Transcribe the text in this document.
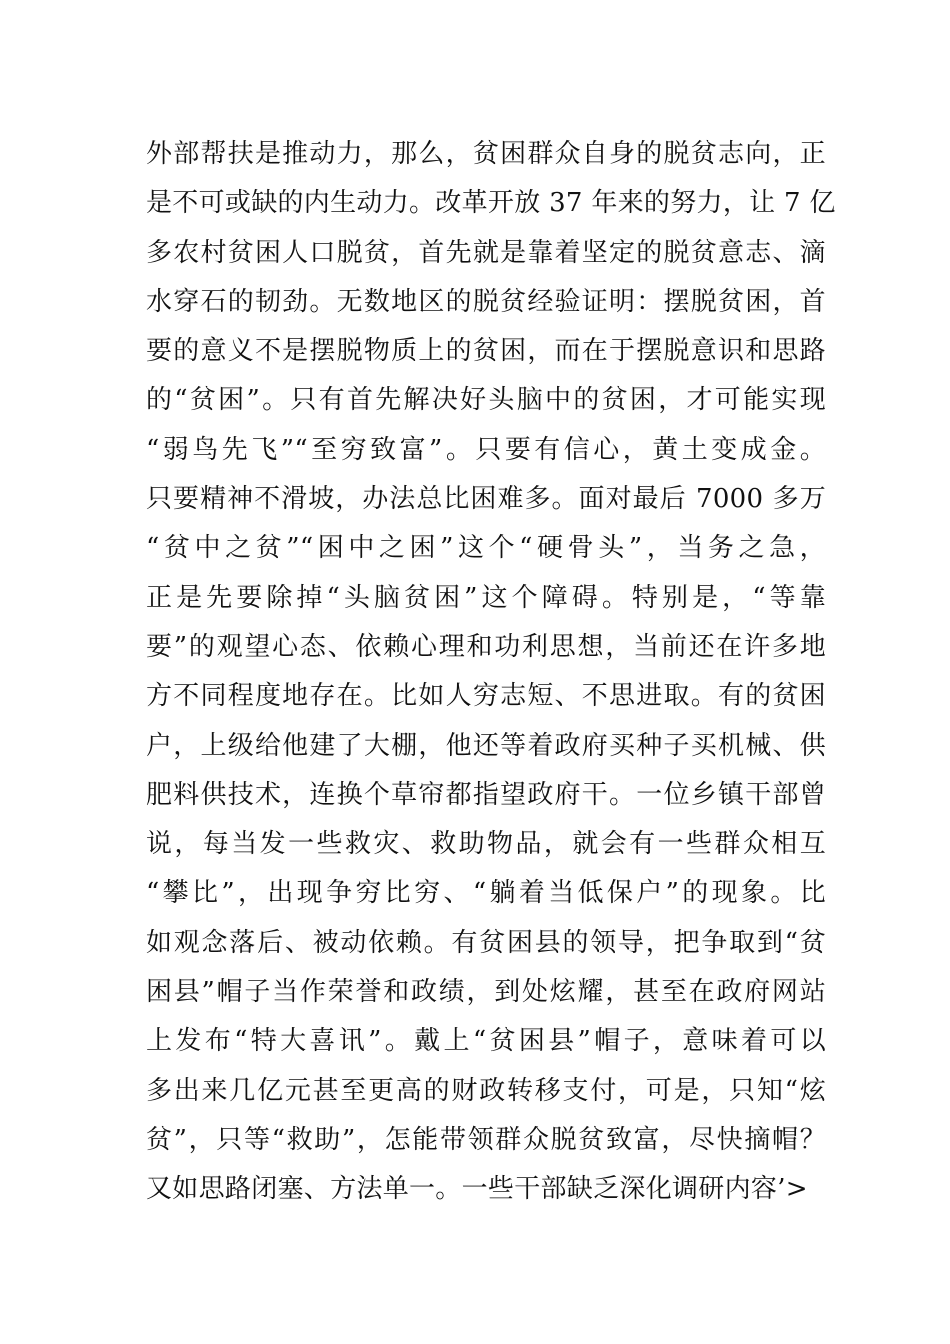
外部帮扶是推动力，那么，贫困群众自身的脱贫志向，正
是不可或缺的内生动力。改革开放 37 年来的努力，让 7 亿
多农村贫困人口脱贫，首先就是靠着坚定的脱贫意志、滴
水穿石的韧劲。无数地区的脱贫经验证明：摆脱贫困，首
要的意义不是摆脱物质上的贫困，而在于摆脱意识和思路
的“贫困”。只有首先解决好头脑中的贫困，才可能实现
“弱鸟先飞”“至穷致富”。只要有信心，黄土变成金。
只要精神不滑坡，办法总比困难多。面对最后 7000 多万
“贫中之贫”“困中之困”这个“硬骨头”，当务之急，
正是先要除掉“头脑贫困”这个障碍。特别是，“等靠
要”的观望心态、依赖心理和功利思想，当前还在许多地
方不同程度地存在。比如人穷志短、不思进取。有的贫困
户，上级给他建了大棚，他还等着政府买种子买机械、供
肥料供技术，连换个草帘都指望政府干。一位乡镇干部曾
说，每当发一些救灾、救助物品，就会有一些群众相互
“攀比”，出现争穷比穷、“躺着当低保户”的现象。比
如观念落后、被动依赖。有贫困县的领导，把争取到“贫
困县”帽子当作荣誉和政绩，到处炫耀，甚至在政府网站
上发布“特大喜讯”。戴上“贫困县”帽子，意味着可以
多出来几亿元甚至更高的财政转移支付，可是，只知“炫
贫”，只等“救助”，怎能带领群众脱贫致富，尽快摘帽？
又如思路闭塞、方法单一。一些干部缺乏深化调研内容’>
